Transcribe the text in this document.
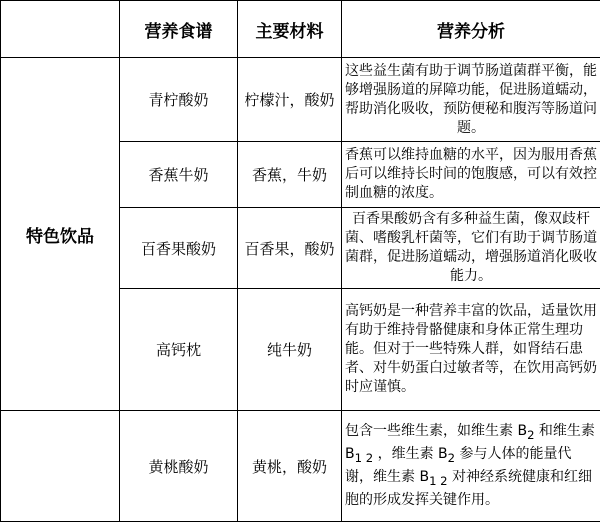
	营养食谱	主要材料	营养分析
特色饮品	青柠酸奶	柠檬汁，酸奶	这些益生菌有助于调节肠道菌群平衡，能够增强肠道的屏障功能，促进肠道蠕动，帮助消化吸收，预防便秘和腹泻等肠道问题。
	香蕉牛奶	香蕉，牛奶	香蕉可以维持血糖的水平，因为服用香蕉后可以维持长时间的饱腹感，可以有效控制血糖的浓度。
	百香果酸奶	百香果，酸奶	百香果酸奶含有多种益生菌，像双歧杆菌、嗜酸乳杆菌等，它们有助于调节肠道菌群，促进肠道蠕动，增强肠道消化吸收能力。
	高钙枕	纯牛奶	高钙奶是一种营养丰富的饮品，适量饮用有助于维持骨骼健康和身体正常生理功能。但对于一些特殊人群，如肾结石患者、对牛奶蛋白过敏者等，在饮用高钙奶时应谨慎。
	黄桃酸奶	黄桃，酸奶	包含一些维生素，如维生素 $B_2$ 和维生素 $B_{1 2}$ ，维生素 $B_2$ 参与人体的能量代谢，维生素 $B_{1 2}$ 对神经系统健康和红细胞的形成发挥关键作用。
